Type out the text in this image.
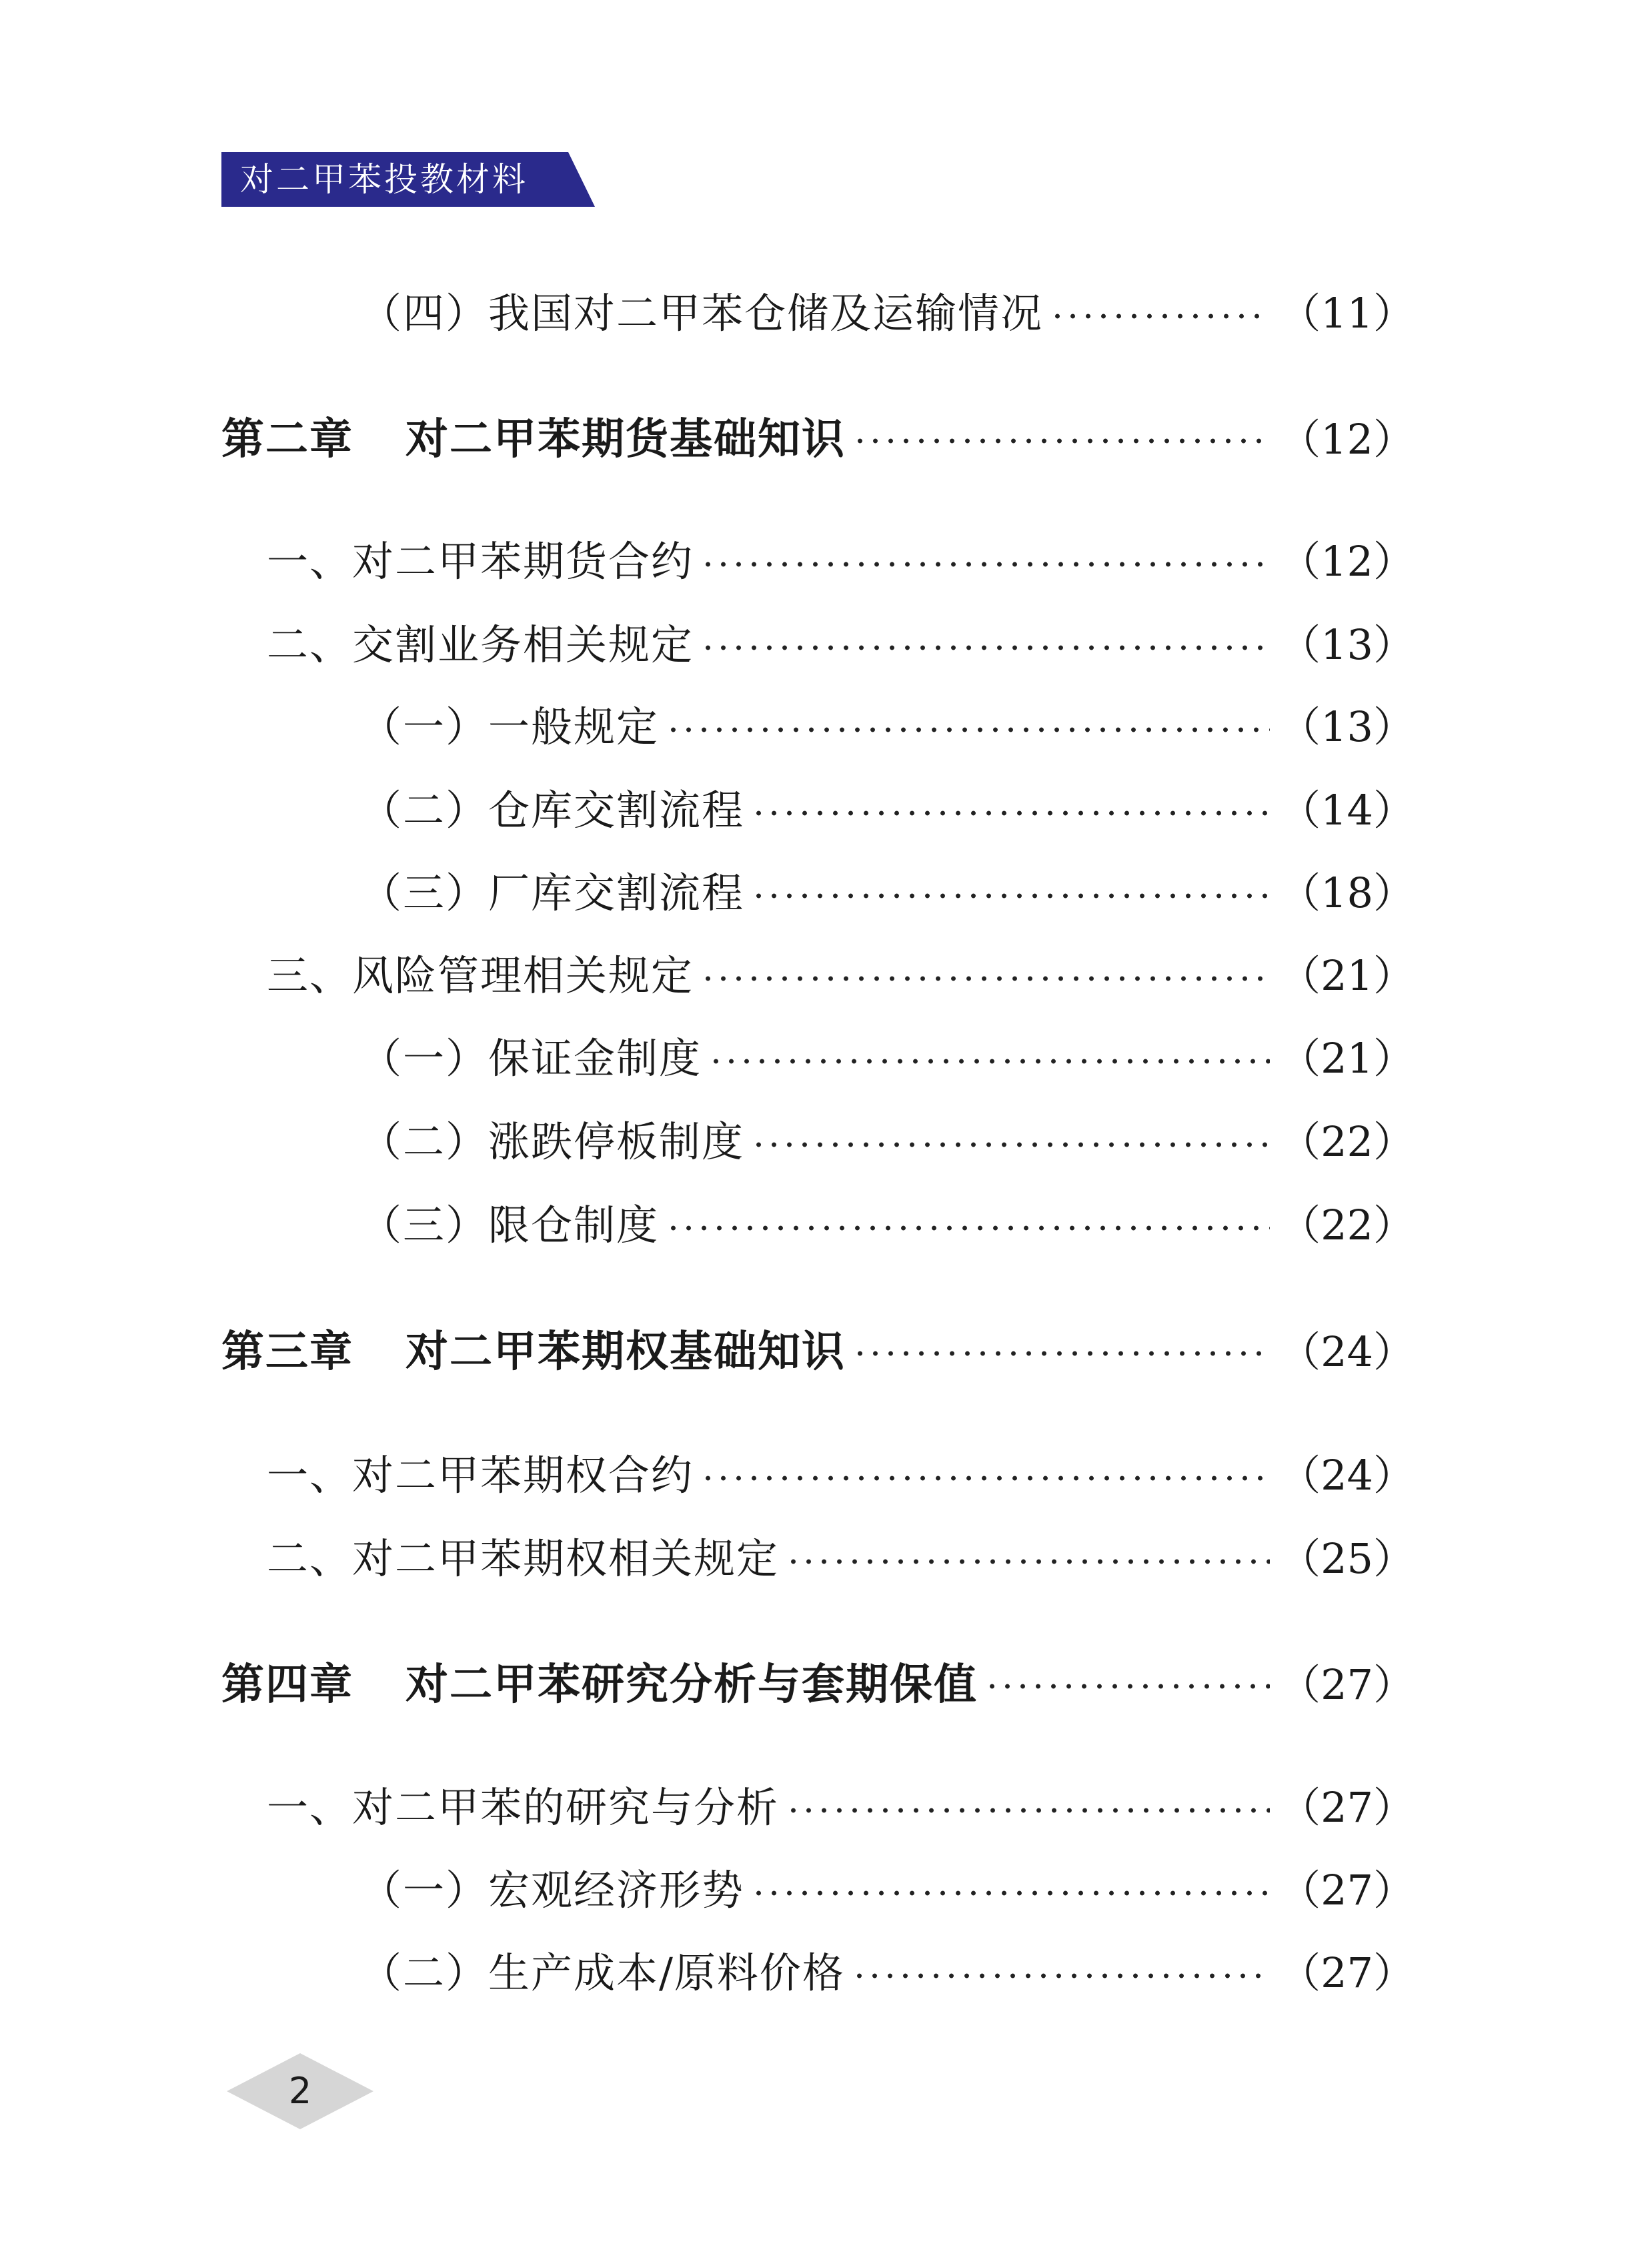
对二甲苯投教材料
（四）我国对二甲苯仓储及运输情况	（11）
第二章 对二甲苯期货基础知识	（12）
一、对二甲苯期货合约	（12）
二、交割业务相关规定	（13）
（一）一般规定	（13）
（二）仓库交割流程	（14）
（三）厂库交割流程	（18）
三、风险管理相关规定	（21）
（一）保证金制度	（21）
（二）涨跌停板制度	（22）
（三）限仓制度	（22）
第三章 对二甲苯期权基础知识	（24）
一、对二甲苯期权合约	（24）
二、对二甲苯期权相关规定	（25）
第四章 对二甲苯研究分析与套期保值	（27）
一、对二甲苯的研究与分析	（27）
（一）宏观经济形势	（27）
（二）生产成本/原料价格	（27）
2
